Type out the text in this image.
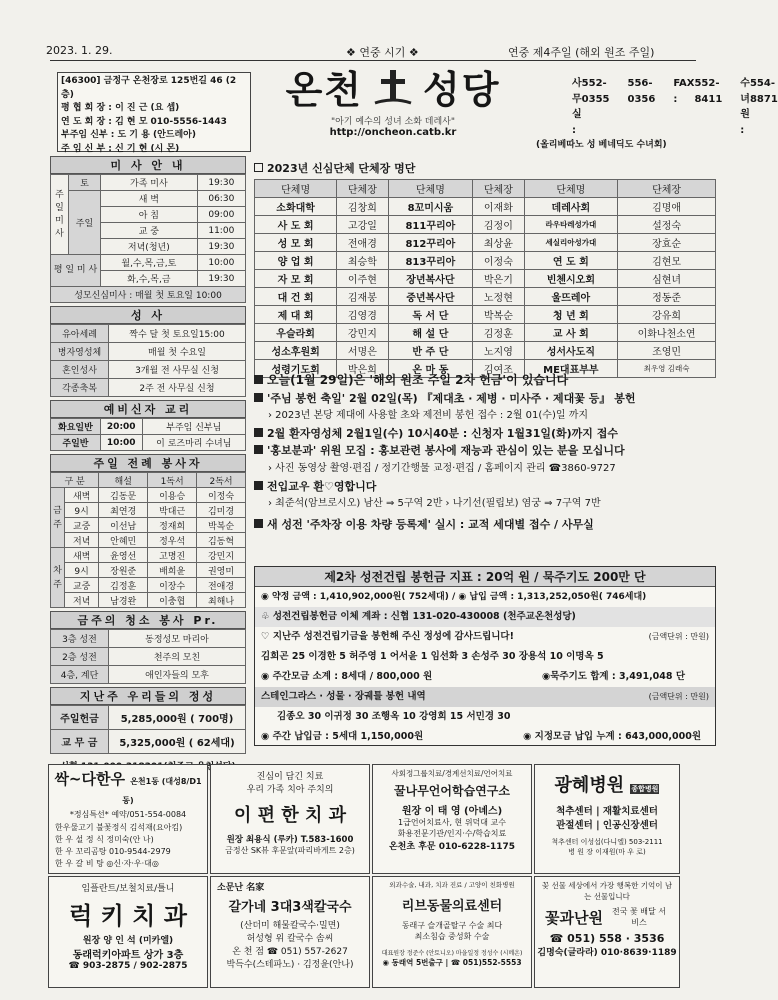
2023. 1. 29.	❖ 연중 시기 ❖	연중 제4주일 (해외 원조 주일)
[46300] 금정구 온천장로 125번길 46 (2층)
평 협 회 장 : 이 진 근 (요 셉)
연 도 회 장 : 김 현 모 010-5556-1443
부주임 신부 : 도 기 용 (안드레아)
주 임 신 부 : 신 기 현 (시 몬)
온천 성당
"아기 예수의 성녀 소화 데레사"
http://oncheon.catb.kr
사 무 실 :
552-0355
556-0356
FAX :
552-8411
수 녀 원 :
554-8871
(올리베따노 성 베네딕도 수녀회)
미 사 안 내
주일미사	토	가족 미사	19:30
	주일	새 벽	06:30
		아 침	09:00
		교 중	11:00
		저녁(청년)	19:30
평 일 미 사		월,수,목,금,토	10:00
		화,수,목,금	19:30
성모신심미사 : 매월 첫 토요일 10:00			
성 사
유아세례	짝수 달 첫 토요일15:00
병자영성체	매월 첫 수요일
혼인성사	3개월 전 사무실 신청
각종축복	2주 전 사무실 신청
예비신자 교리
화요일반	20:00	부주임 신부님
주일반	10:00	이 로즈마리 수녀님
주일 전례 봉사자
구 분		해설	1독서	2독서
금주	새벽	김동문	이용승	이정숙
	9시	최연경	박대근	김미경
	교중	이선남	정재희	박복순
	저녁	안혜민	정우석	김동혁
차주	새벽	윤영선	고명진	강민지
	9시	장원준	배희윤	권영미
	교중	김정훈	이장수	전애경
	저녁	남경완	이충협	최해나
금주의 청소 봉사 Pr.
3층 성전	동정성모 마리아
2층 성전	천주의 모친
4층, 계단	애인자들의 모후
지난주 우리들의 정성
주일헌금	5,285,000원 ( 700명)
교 무 금	5,325,000원 ( 62세대)
2023년 신심단체 단체장 명단
단체명	단체장	단체명	단체장	단체명	단체장
소화대학	김창희	8꼬미시움	이재화	데레사회	김명애
사 도 회	고강일	811꾸리아	김정이	라우타레성가대	설정숙
성 모 회	전애경	812꾸리아	최상윤	세실리아성가대	장효순
양 업 회	최승학	813꾸리아	이정숙	연 도 회	김현모
자 모 회	이주현	장년복사단	박은기	빈첸시오회	심현녀
대 건 회	김재봉	중년복사단	노정현	울뜨레아	정동준
제 대 회	김영경	독 서 단	박복순	청 년 회	강유희
우슬라회	강민지	해 설 단	김정훈	교 사 회	이화나천소연
성소후원회	서명은	반 주 단	노지영	성서사도직	조영민
성령기도회	박은희	온 마 동	김여조	ME대표부부	최우영 김래숙
오늘(1월 29일)은 '해외 원조 주일 2차 헌금'이 있습니다
'주님 봉헌 축일' 2월 02일(목) 『제대초 · 제병 · 미사주 · 제대꽃 등』 봉헌
› 2023년 본당 제대에 사용할 초와 제전비 봉헌 접수 : 2월 01(수)일 까지
2월 환자영성체 2월1일(수) 10시40분 : 신청자 1월31일(화)까지 접수
'홍보분과' 위원 모집 : 홍보관련 봉사에 재능과 관심이 있는 분을 모십니다
› 사진 동영상 촬영·편집 / 정기간행물 교정·편집 / 홈페이지 관리 ☎3860-9727
전입교우 환♡영합니다
› 최준석(암브로시오) 남산 ⇒ 5구역 2반 › 나기선(필립보) 염궁 ⇒ 7구역 7반
새 성전 '주차장 이용 차량 등록제' 실시 : 교적 세대별 접수 / 사무실
제2차 성전건립 봉헌금 지표 : 20억 원 / 묵주기도 200만 단
◉ 약정 금액 : 1,410,902,000원( 752세대) / ◉ 납입 금액 : 1,313,252,050원( 746세대)
♧ 성전건립봉헌금 이체 계좌 : 신협 131-020-430008 (천주교온천성당)
♡ 지난주 성전건립기금을 봉헌해 주신 정성에 감사드립니다!	(금액단위 : 만원)
김희곤 25 이경한 5 허주영 1 어서윤 1 임선화 3 손성주 30 장용석 10 이명옥 5
◉ 주간모금 소계 : 8세대 / 800,000 원	◉묵주기도 합계 : 3,491,048 단
스테인그라스 · 성물 · 장궤틀 봉헌 내역	(금액단위 : 만원)
김종오 30 이귀정 30 조행옥 10 강영희 15 서민경 30
◉ 주간 납입금 : 5세대 1,150,000원	◉ 지정모금 납입 누계 : 643,000,000원
싹~다한우 온천1동 (대성8/D1동)
*정심특선* 예약/051-554-0084
한우물고기 불꽃정식 김석재(요아킴)
한 우 설 정 식 정미숙(안 나)
한 우 꼬리곰탕 010-9544-2979
한 우 갈 비 탕 ◎신·자·우·대◎
진심이 담긴 치료
우리 가족 치아 주치의
이 편 한 치 과
원장 최용식 (루카) T.583-1600
금정산 SK뷰 후문앞(파리바게트 2층)
사회정그룹치료/경계선치료/언어치료
꿀나무언어학습연구소
원장 이 태 영 (아녜스)
1급언어치료사, 현 위덕대 교수
화용전문기관/인지·수/학습치료
온천초 후문 010-6228-1175
광혜병원 종합병원
척추센터 | 재활치료센터
관절센터 | 인공신장센터
척추센터 이성섭(다니엘) 503-2111
병 원 장 이재원(마 우 로)
임플란트/보철치료/틀니
럭 키 치 과
원장 양 인 석 (미카엘)
동래럭키아파트 상가 3층
☎ 903-2875 / 902-2875
소문난 名家
갈가네 3대3색칼국수
(산더미 해물칼국수·밀면)
허성형 위 칼국수 솜씨
온 천 점 ☎ 051) 557-2627
박득수(스테파노) · 김정윤(안나)
외과수술, 내과, 치과 진료 / 고양이 친화병원
리브동물의료센터
동래구 슬개골탈구 수술 최다
최소침습 중성화 수술
대표원장 정준수 (안토니오) 마을일정 정성수 (시메온)
◉ 동래역 5번출구 | ☎ 051)552-5553
꽃 선물 세상에서 가장 행복한 기억이 남는 선물입니다
꽃과난원	전국 꽃 배달 서비스
☎ 051) 558 · 3536
김명숙(글라라) 010·8639·1189
